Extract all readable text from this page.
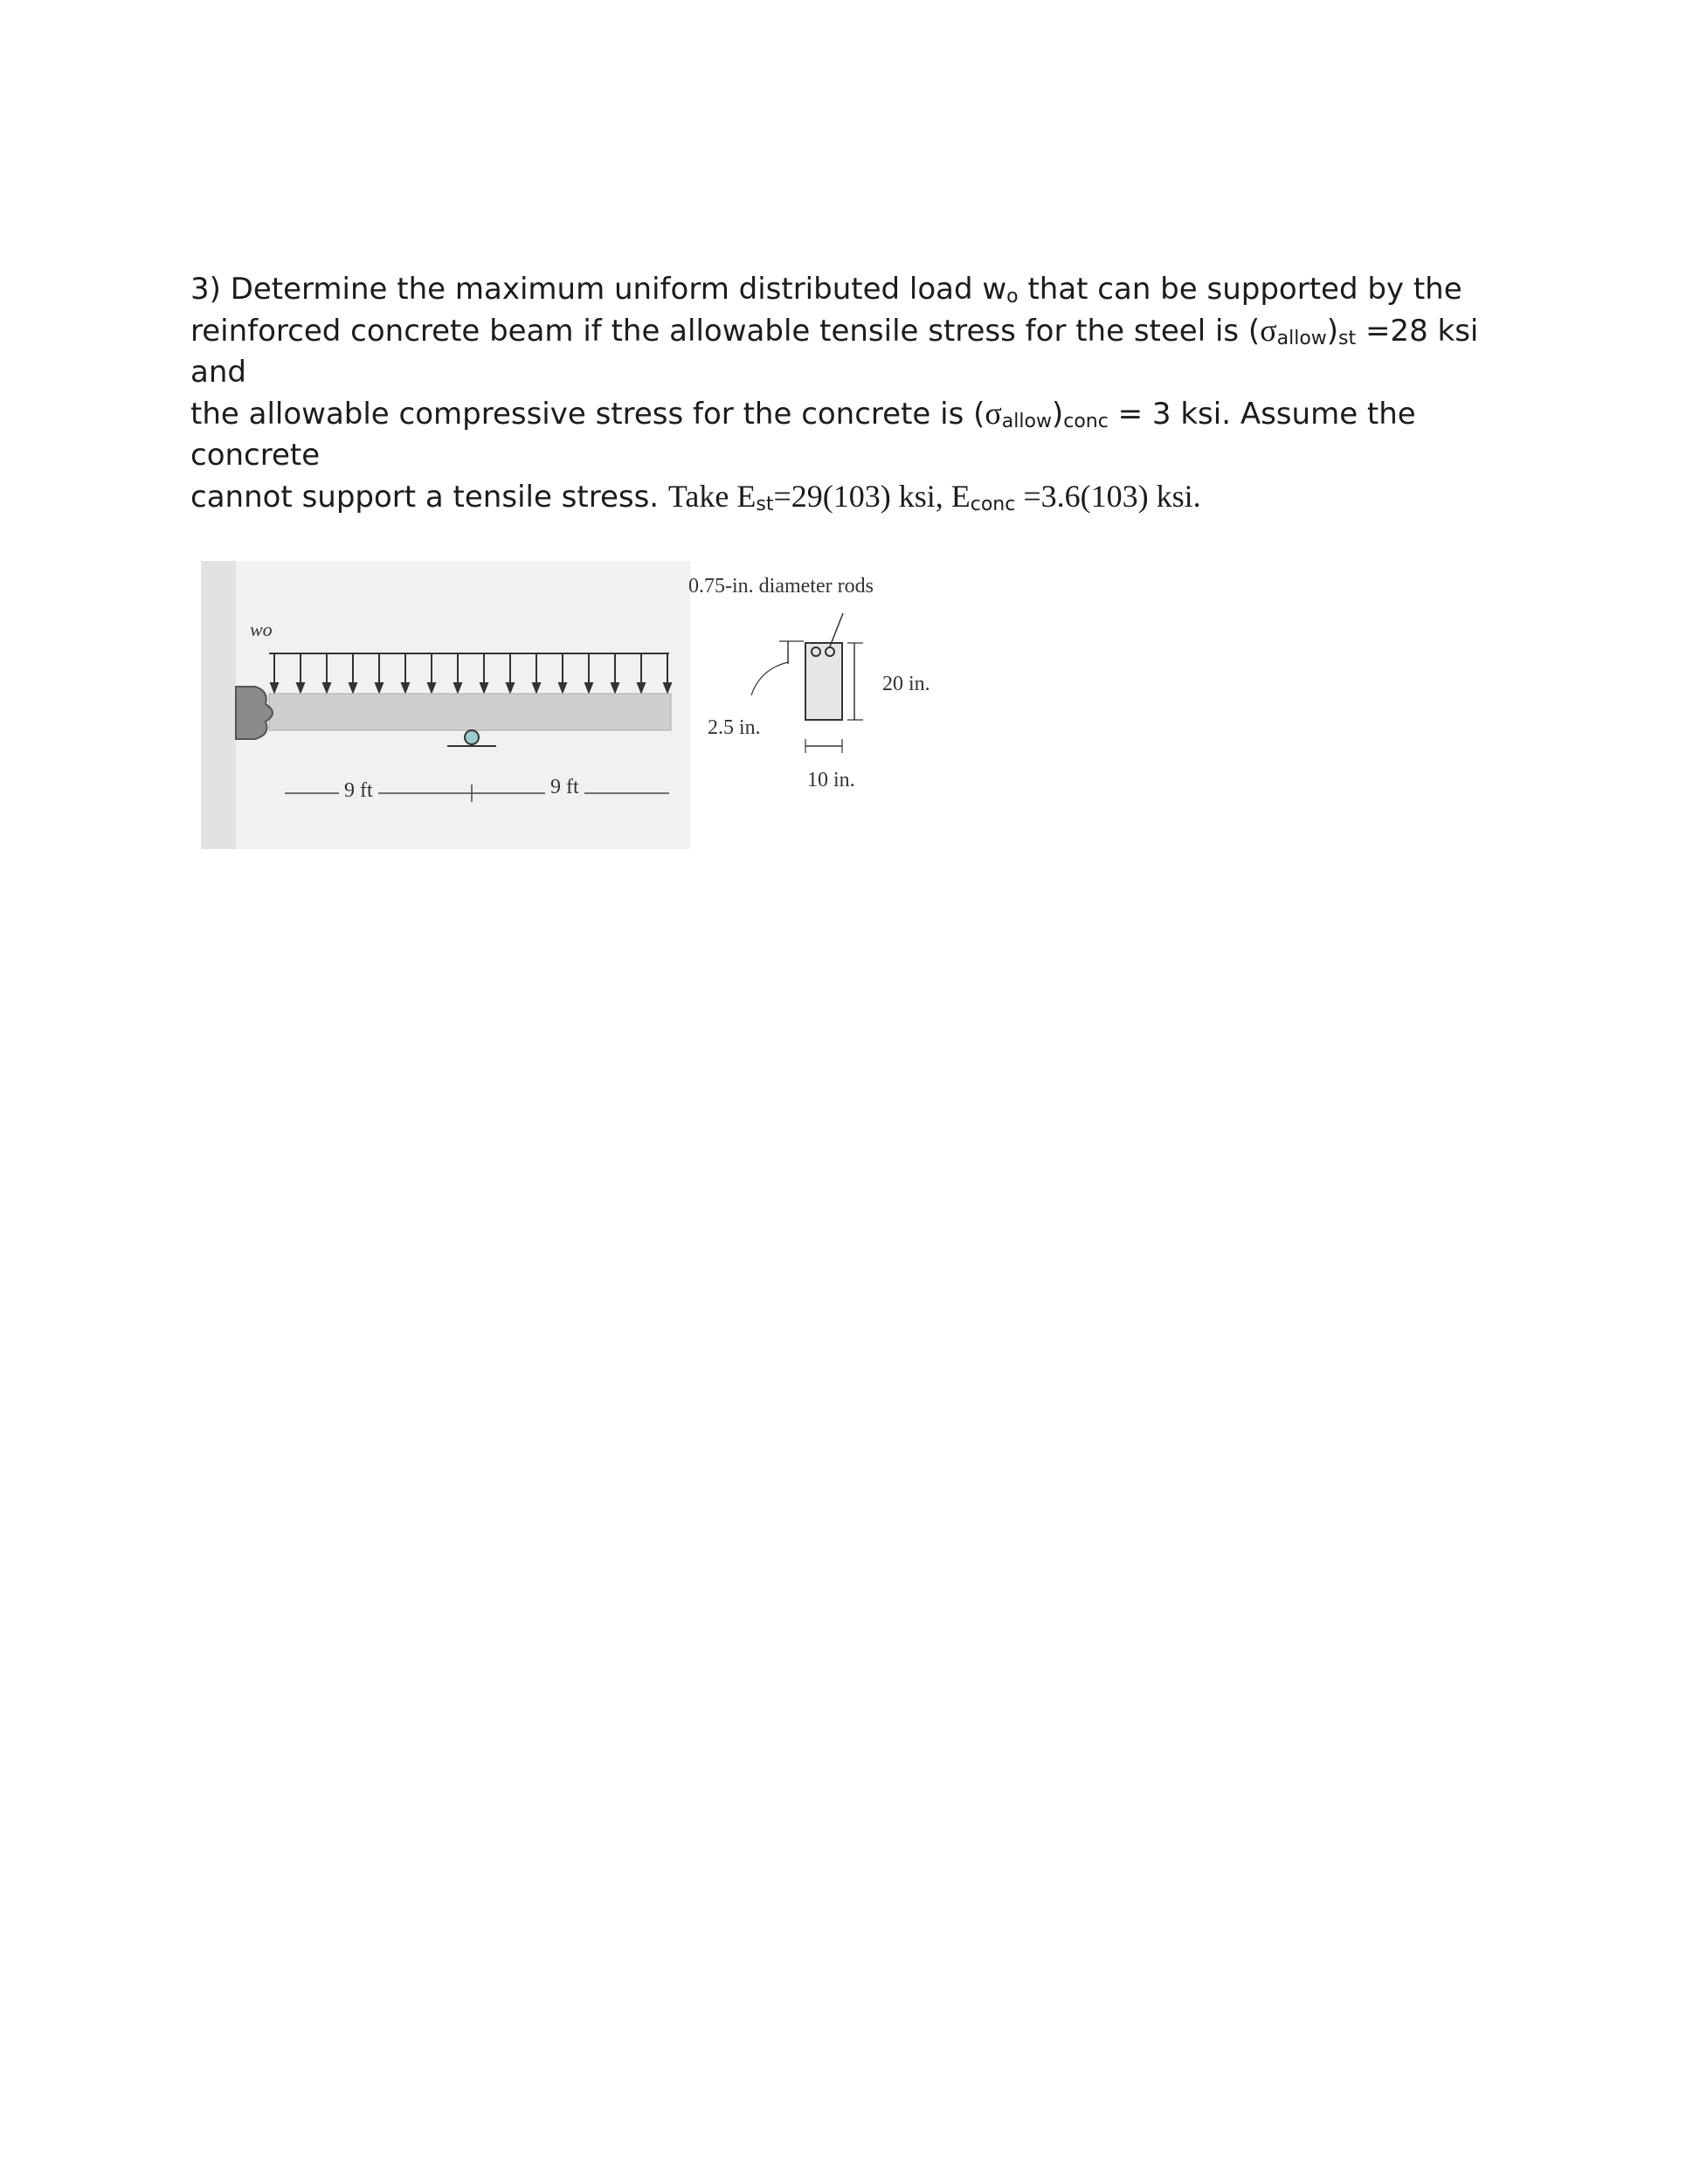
3) Determine the maximum uniform distributed load $w_o$ that can be supported by the
reinforced concrete beam if the allowable tensile stress for the steel is $(\sigma_{allow})_{st} =28$ ksi and
the allowable compressive stress for the concrete is $(\sigma_{allow})_{conc} = 3$ ksi. Assume the concrete
cannot support a tensile stress. Take $E_{st}=29(103)$ ksi, $E_{conc} =3.6(103)$ ksi.
wo
9 ft	9 ft
0.75-in. diameter rods
20 in.
2.5 in.
10 in.
